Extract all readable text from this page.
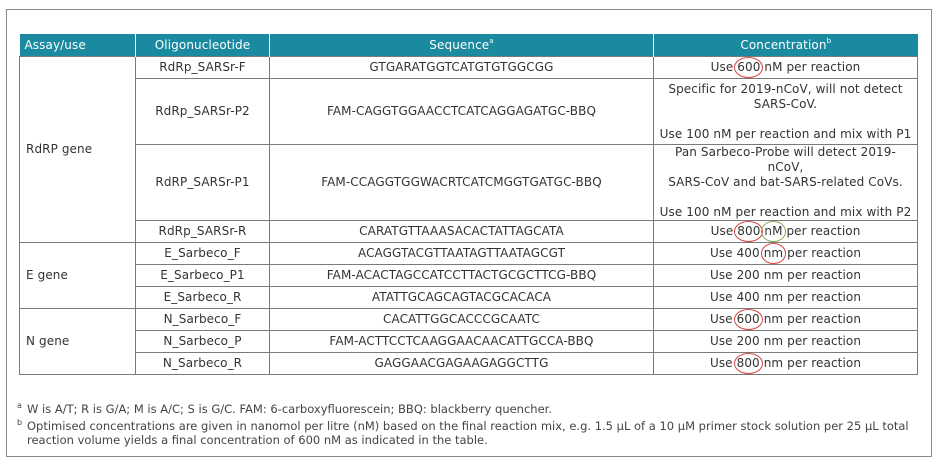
Assay/use	Oligonucleotide	Sequence$^a$	Concentration$^b$
RdRP gene	RdRp_SARSr-F	GTGARATGGTCATGTGTGGCGG	Use 600 nM per reaction
	RdRp_SARSr-P2	FAM-CAGGTGGAACCTCATCAGGAGATGC-BBQ	Specific for 2019-nCoV, will not detect
SARS-CoV.
Use 100 nM per reaction and mix with P1

	RdRP_SARSr-P1	FAM-CCAGGTGGWACRTCATCMGGTGATGC-BBQ	Pan Sarbeco-Probe will detect 2019-nCoV,
SARS-CoV and bat-SARS-related CoVs.
Use 100 nM per reaction and mix with P2

	RdRp_SARSr-R	CARATGTTAAASACACTATTAGCATA	Use 800 nM per reaction
E gene	E_Sarbeco_F	ACAGGTACGTTAATAGTTAATAGCGT	Use 400 nm per reaction
	E_Sarbeco_P1	FAM-ACACTAGCCATCCTTACTGCGCTTCG-BBQ	Use 200 nm per reaction
	E_Sarbeco_R	ATATTGCAGCAGTACGCACACA	Use 400 nm per reaction
N gene	N_Sarbeco_F	CACATTGGCACCCGCAATC	Use 600 nm per reaction
	N_Sarbeco_P	FAM-ACTTCCTCAAGGAACAACATTGCCA-BBQ	Use 200 nm per reaction
	N_Sarbeco_R	GAGGAACGAGAAGAGGCTTG	Use 800 nm per reaction
a W is A/T; R is G/A; M is A/C; S is G/C. FAM: 6-carboxyfluorescein; BBQ: blackberry quencher.
b Optimised concentrations are given in nanomol per litre (nM) based on the final reaction mix, e.g. 1.5 µL of a 10 µM primer stock solution per 25 µL total reaction volume yields a final concentration of 600 nM as indicated in the table.
